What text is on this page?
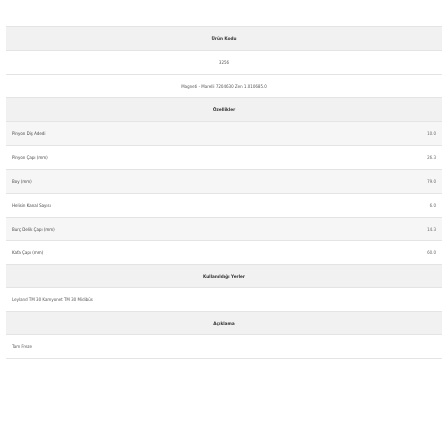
Ürün Kodu
3256
Magneti - Marelli 7204630 Zen 1.010685.0
Özellikler
Pinyon Diş Adedi	10.0
Pinyon Çapı (mm)	26.3
Boy (mm)	79.0
Helisin Kanal Sayısı	6.0
Burç Delik Çapı (mm)	14.3
Kafa Çapı (mm)	60.0
Kullanıldığı Yerler
Leyland TM 30 Kamyonet TM 30 Midibüs
Açıklama
Tam Freze
